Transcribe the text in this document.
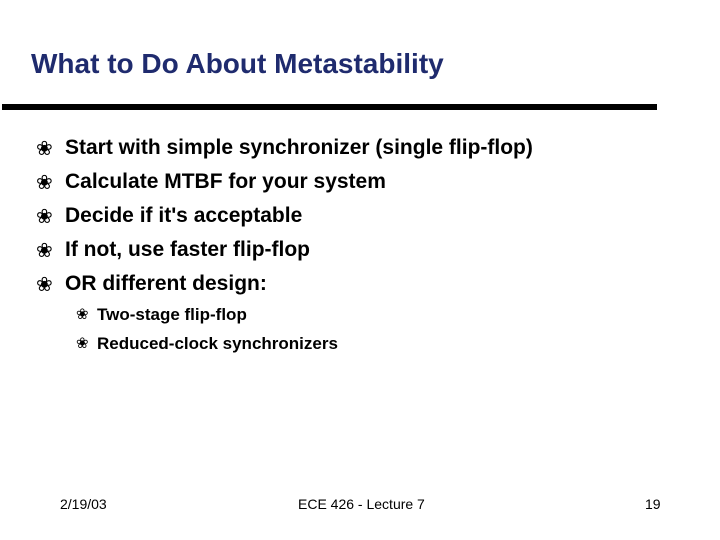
What to Do About Metastability
❀ Start with simple synchronizer (single flip-flop)
❀ Calculate MTBF for your system
❀ Decide if it's acceptable
❀ If not, use faster flip-flop
❀ OR different design:
❀ Two-stage flip-flop
❀ Reduced-clock synchronizers
2/19/03	ECE 426 - Lecture 7	19
